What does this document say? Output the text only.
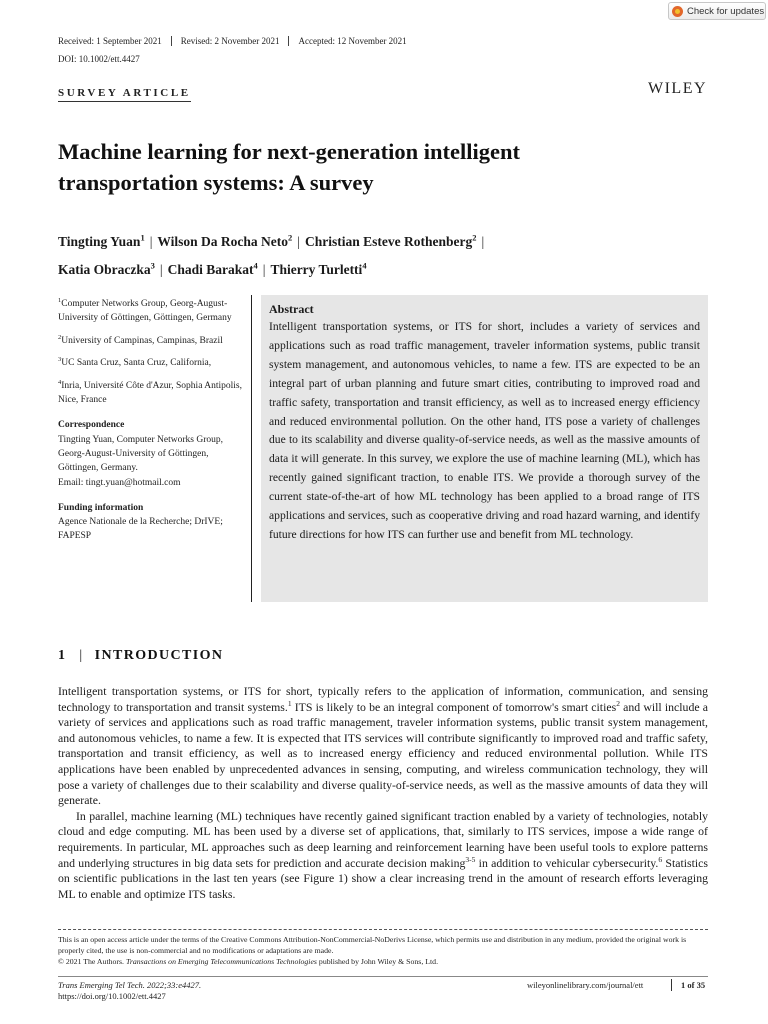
Check for updates
Received: 1 September 2021	Revised: 2 November 2021	Accepted: 12 November 2021
DOI: 10.1002/ett.4427
SURVEY ARTICLE	WILEY
Machine learning for next-generation intelligent transportation systems: A survey
Tingting Yuan$^1$ | Wilson Da Rocha Neto$^2$ | Christian Esteve Rothenberg$^2$ |
Katia Obraczka$^3$ | Chadi Barakat$^4$ | Thierry Turletti$^4$
$^1$Computer Networks Group, Georg-August-University of Göttingen, Göttingen, Germany
$^2$University of Campinas, Campinas, Brazil
$^3$UC Santa Cruz, Santa Cruz, California,
$^4$Inria, Université Côte d'Azur, Sophia Antipolis, Nice, France
Correspondence
Tingting Yuan, Computer Networks Group, Georg-August-University of Göttingen, Göttingen, Germany.
Email: tingt.yuan@hotmail.com
Funding information
Agence Nationale de la Recherche; DrIVE; FAPESP
Abstract
Intelligent transportation systems, or ITS for short, includes a variety of services and applications such as road traffic management, traveler information systems, public transit system management, and autonomous vehicles, to name a few. ITS are expected to be an integral part of urban planning and future smart cities, contributing to improved road and traffic safety, transportation and transit efficiency, as well as to increased energy efficiency and reduced environmental pollution. On the other hand, ITS pose a variety of challenges due to its scalability and diverse quality-of-service needs, as well as the massive amounts of data it will generate. In this survey, we explore the use of machine learning (ML), which has recently gained significant traction, to enable ITS. We provide a thorough survey of the current state-of-the-art of how ML technology has been applied to a broad range of ITS applications and services, such as cooperative driving and road hazard warning, and identify future directions for how ITS can further use and benefit from ML technology.
1 | INTRODUCTION

Intelligent transportation systems, or ITS for short, typically refers to the application of information, communication, and sensing technology to transportation and transit systems.$^1$ ITS is likely to be an integral component of tomorrow's smart cities$^2$ and will include a variety of services and applications such as road traffic management, traveler information systems, public transit system management, and autonomous vehicles, to name a few. It is expected that ITS services will contribute significantly to improved road and traffic safety, transportation and transit efficiency, as well as to increased energy efficiency and reduced environmental pollution. While ITS applications have been enabled by unprecedented advances in sensing, computing, and wireless communication technology, they will pose a variety of challenges due to their scalability and diverse quality-of-service needs, as well as the massive amounts of data they will generate.

In parallel, machine learning (ML) techniques have recently gained significant traction enabled by a variety of technologies, notably cloud and edge computing. ML has been used by a diverse set of applications, that, similarly to ITS services, impose a wide range of requirements. In particular, ML approaches such as deep learning and reinforcement learning have been useful tools to explore patterns and underlying structures in big data sets for prediction and accurate decision making$^{3-5}$ in addition to vehicular cybersecurity.$^6$ Statistics on scientific publications in the last ten years (see Figure 1) show a clear increasing trend in the amount of research efforts leveraging ML to enable and optimize ITS tasks.

This is an open access article under the terms of the Creative Commons Attribution-NonCommercial-NoDerivs License, which permits use and distribution in any medium, provided the original work is properly cited, the use is non-commercial and no modifications or adaptations are made.
© 2021 The Authors. Transactions on Emerging Telecommunications Technologies published by John Wiley & Sons, Ltd.
Trans Emerging Tel Tech. 2022;33:e4427.
https://doi.org/10.1002/ett.4427
wileyonlinelibrary.com/journal/ett	1 of 35
